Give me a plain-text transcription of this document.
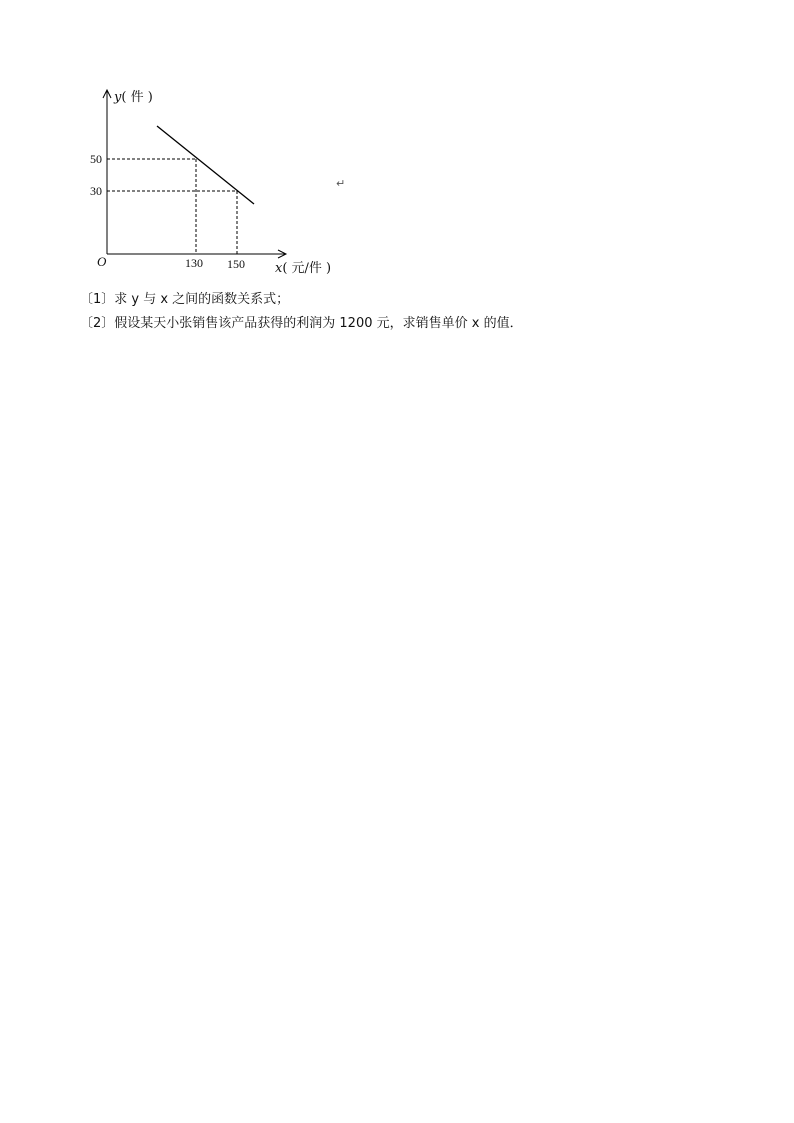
y( 件 )
x( 元/件 )
50
30
130 150
O
↵
〔1〕求 y 与 x 之间的函数关系式；
〔2〕假设某天小张销售该产品获得的利润为 1200 元，求销售单价 x 的值．
